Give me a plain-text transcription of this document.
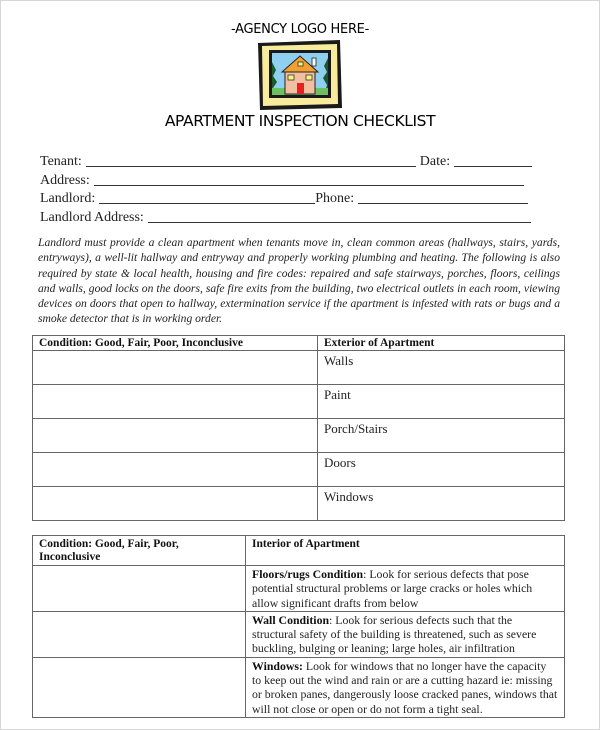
-AGENCY LOGO HERE-
APARTMENT INSPECTION CHECKLIST
Tenant:	Date:
Address:
Landlord:	Phone:
Landlord Address:

Landlord must provide a clean apartment when tenants move in, clean common areas (hallways, stairs, yards, entryways), a well-lit hallway and entryway and properly working plumbing and heating. The following is also required by state & local health, housing and fire codes: repaired and safe stairways, porches, floors, ceilings and walls, good locks on the doors, safe fire exits from the building, two electrical outlets in each room, viewing devices on doors that open to hallway, extermination service if the apartment is infested with rats or bugs and a smoke detector that is in working order.

Condition: Good, Fair, Poor, Inconclusive	Exterior of Apartment
	Walls
	Paint
	Porch/Stairs
	Doors
	Windows
Condition: Good, Fair, Poor, Inconclusive	Interior of Apartment
	Floors/rugs Condition: Look for serious defects that pose potential structural problems or large cracks or holes which allow significant drafts from below
	Wall Condition: Look for serious defects such that the structural safety of the building is threatened, such as severe buckling, bulging or leaning; large holes, air infiltration
	Windows: Look for windows that no longer have the capacity to keep out the wind and rain or are a cutting hazard ie: missing or broken panes, dangerously loose cracked panes, windows that will not close or open or do not form a tight seal.
